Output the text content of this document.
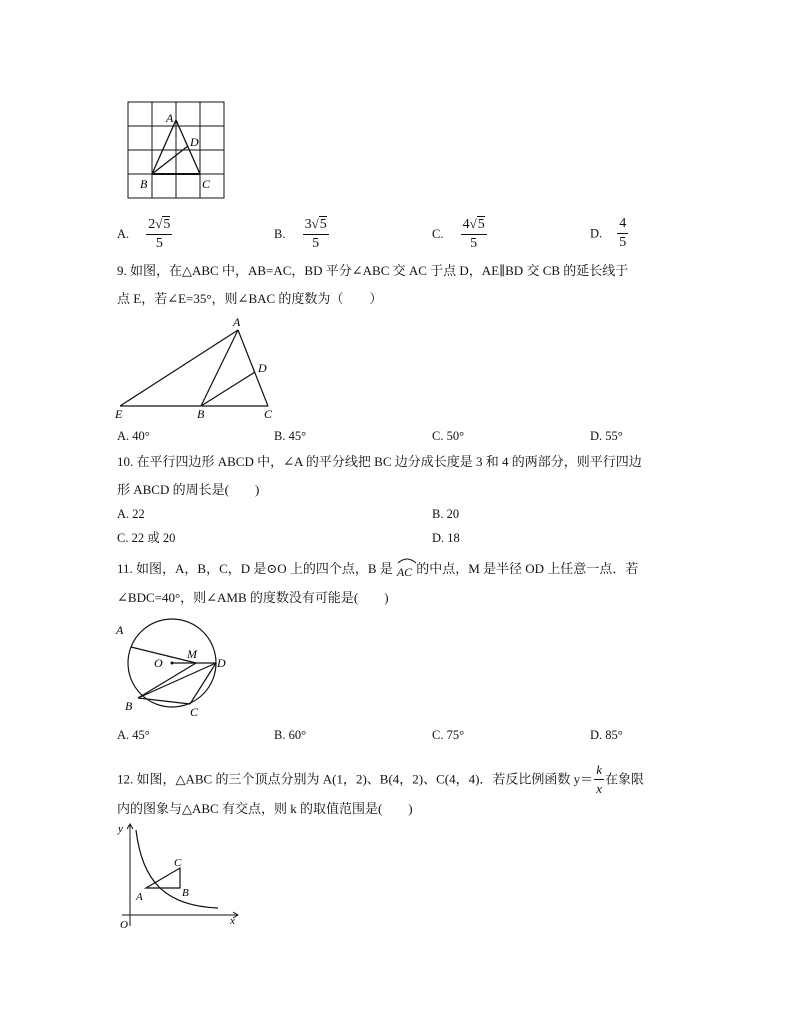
A
D
B	C
A. $\frac{2√5}{5}$	B. $\frac{3√5}{5}$	C. $\frac{4√5}{5}$	D. $\frac{4}{5}$
9. 如图，在△ABC 中，AB=AC，BD 平分∠ABC 交 AC 于点 D，AE∥BD 交 CB 的延长线于
点 E，若∠E=35°，则∠BAC 的度数为（　　）
A
D
E	B	C
A. 40°	B. 45°	C. 50°	D. 55°
10. 在平行四边形 ABCD 中，∠A 的平分线把 BC 边分成长度是 3 和 4 的两部分，则平行四边
形 ABCD 的周长是(　　)
A. 22	B. 20
C. 22 或 20	D. 18
11. 如图，A，B，C，D 是⊙O 上的四个点，B 是 AC 的中点，M 是半径 OD 上任意一点．若
∠BDC=40°，则∠AMB 的度数没有可能是(　　)
A
O
M
D
B	C
A. 45°	B. 60°	C. 75°	D. 85°
12. 如图，△ABC 的三个顶点分别为 A(1，2)、B(4，2)、C(4，4)．若反比例函数 $y= \frac{k}{x}$ 在象限
内的图象与△ABC 有交点，则 k 的取值范围是(　　)
y
x
O
A	B
C
